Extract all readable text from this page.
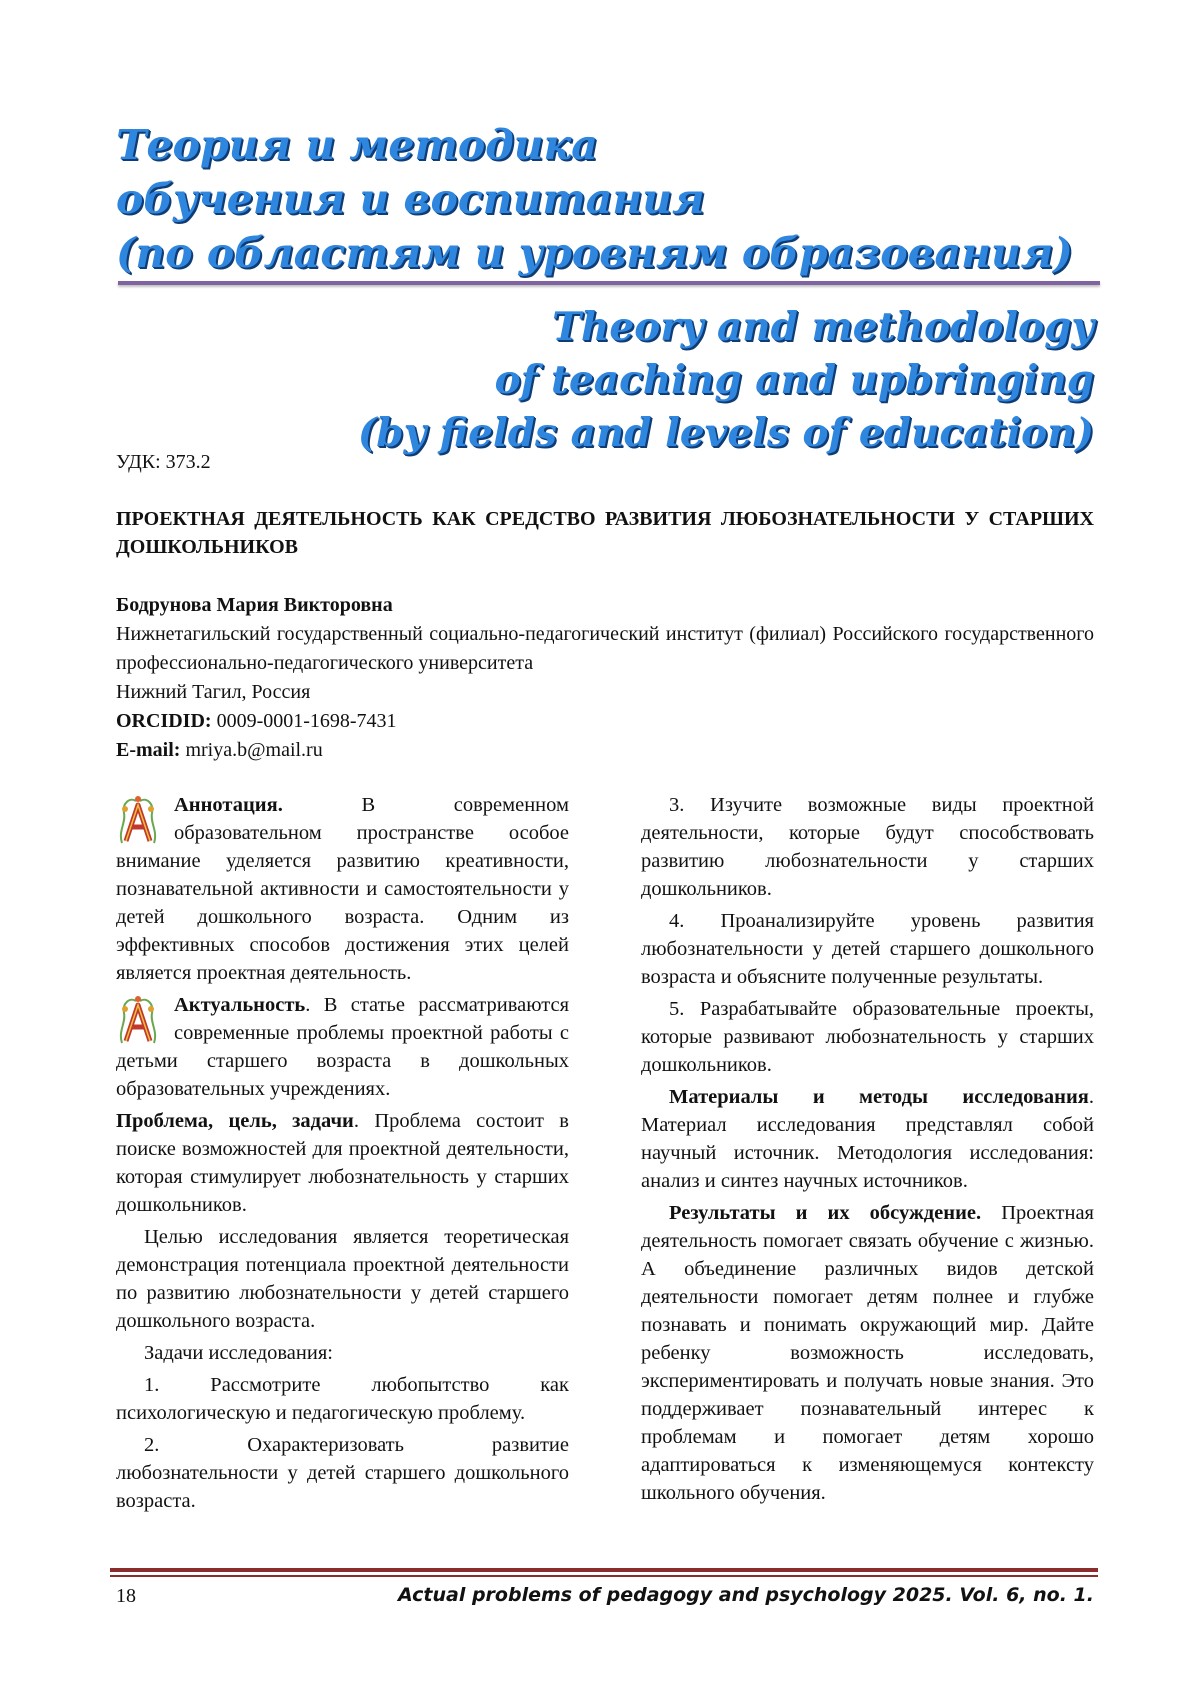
Теория и методика
обучения и воспитания
(по областям и уровням образования)
Theory and methodology
of teaching and upbringing
(by fields and levels of education)
УДК: 373.2
ПРОЕКТНАЯ ДЕЯТЕЛЬНОСТЬ КАК СРЕДСТВО РАЗВИТИЯ ЛЮБОЗНАТЕЛЬНОСТИ У СТАРШИХ ДОШКОЛЬНИКОВ
Бодрунова Мария Викторовна
Нижнетагильский государственный социально-педагогический институт (филиал) Российского государственного профессионально-педагогического университета
Нижний Тагил, Россия
ORCIDID: 0009-0001-1698-7431
E-mail: mriya.b@mail.ru

Аннотация. В современном образовательном пространстве особое внимание уделяется развитию креативности, познавательной активности и самостоятельности у детей дошкольного возраста. Одним из эффективных способов достижения этих целей является проектная деятельность.

Актуальность. В статье рассматриваются современные проблемы проектной работы с детьми старшего возраста в дошкольных образовательных учреждениях.

Проблема, цель, задачи. Проблема состоит в поиске возможностей для проектной деятельности, которая стимулирует любознательность у старших дошкольников.

Целью исследования является теоретическая демонстрация потенциала проектной деятельности по развитию любознательности у детей старшего дошкольного возраста.

Задачи исследования:

1. Рассмотрите любопытство как психологическую и педагогическую проблему.

2. Охарактеризовать развитие любознательности у детей старшего дошкольного возраста.

3. Изучите возможные виды проектной деятельности, которые будут способствовать развитию любознательности у старших дошкольников.

4. Проанализируйте уровень развития любознательности у детей старшего дошкольного возраста и объясните полученные результаты.

5. Разрабатывайте образовательные проекты, которые развивают любознательность у старших дошкольников.

Материалы и методы исследования. Материал исследования представлял собой научный источник. Методология исследования: анализ и синтез научных источников.

Результаты и их обсуждение. Проектная деятельность помогает связать обучение с жизнью. А объединение различных видов детской деятельности помогает детям полнее и глубже познавать и понимать окружающий мир. Дайте ребенку возможность исследовать, экспериментировать и получать новые знания. Это поддерживает познавательный интерес к проблемам и помогает детям хорошо адаптироваться к изменяющемуся контексту школьного обучения.

18	Actual problems of pedagogy and psychology 2025. Vol. 6, no. 1.
